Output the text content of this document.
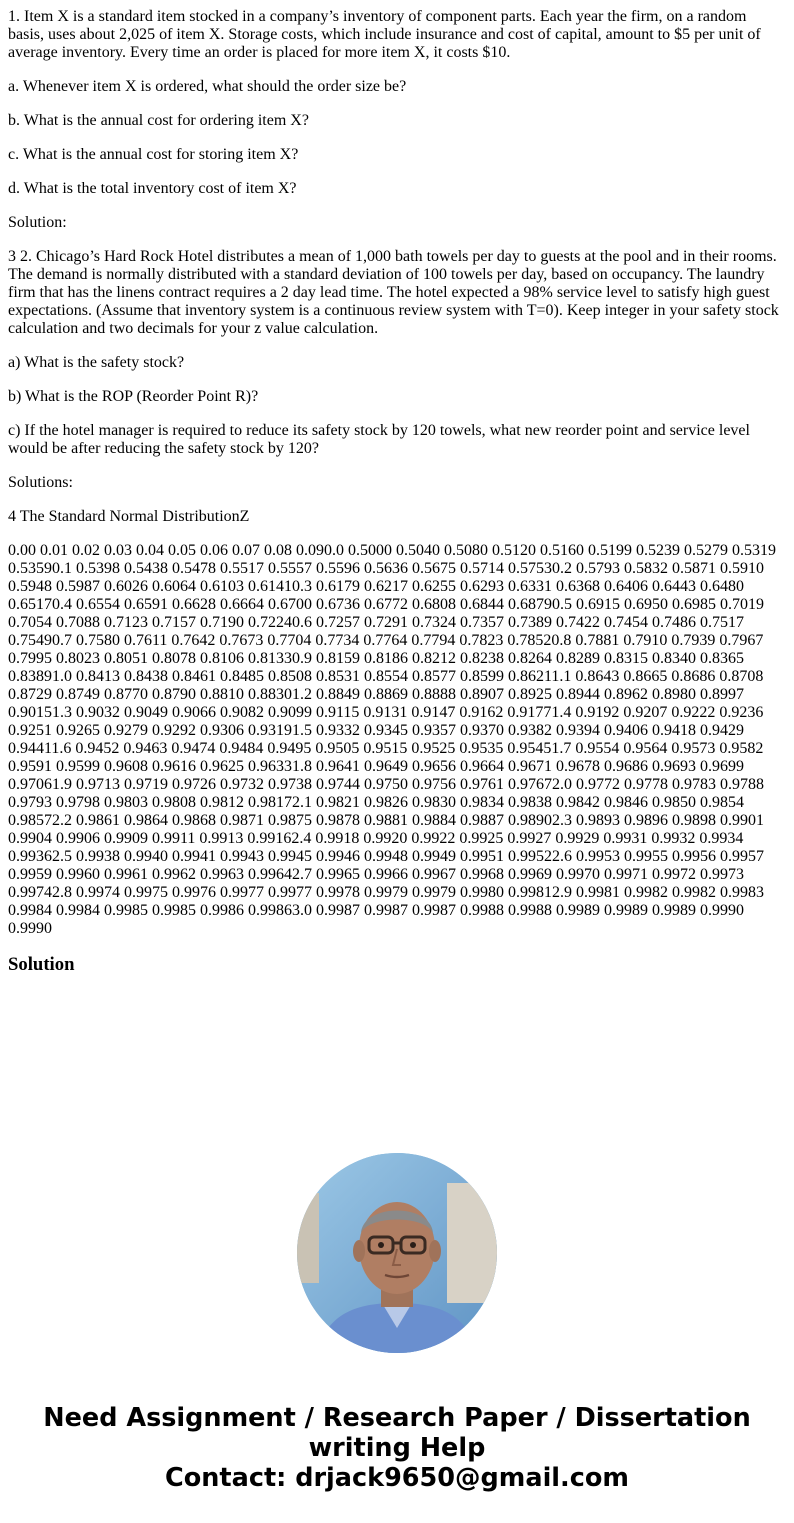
1. Item X is a standard item stocked in a company’s inventory of component parts. Each year the firm, on a random basis, uses about 2,025 of item X. Storage costs, which include insurance and cost of capital, amount to $5 per unit of average inventory. Every time an order is placed for more item X, it costs $10.

a. Whenever item X is ordered, what should the order size be?

b. What is the annual cost for ordering item X?

c. What is the annual cost for storing item X?

d. What is the total inventory cost of item X?

Solution:

3 2. Chicago’s Hard Rock Hotel distributes a mean of 1,000 bath towels per day to guests at the pool and in their rooms. The demand is normally distributed with a standard deviation of 100 towels per day, based on occupancy. The laundry firm that has the linens contract requires a 2 day lead time. The hotel expected a 98% service level to satisfy high guest expectations. (Assume that inventory system is a continuous review system with T=0). Keep integer in your safety stock calculation and two decimals for your z value calculation.

a) What is the safety stock?

b) What is the ROP (Reorder Point R)?

c) If the hotel manager is required to reduce its safety stock by 120 towels, what new reorder point and service level would be after reducing the safety stock by 120?

Solutions:

4 The Standard Normal DistributionZ

0.00 0.01 0.02 0.03 0.04 0.05 0.06 0.07 0.08 0.090.0 0.5000 0.5040 0.5080 0.5120 0.5160 0.5199 0.5239 0.5279 0.5319 0.53590.1 0.5398 0.5438 0.5478 0.5517 0.5557 0.5596 0.5636 0.5675 0.5714 0.57530.2 0.5793 0.5832 0.5871 0.5910 0.5948 0.5987 0.6026 0.6064 0.6103 0.61410.3 0.6179 0.6217 0.6255 0.6293 0.6331 0.6368 0.6406 0.6443 0.6480 0.65170.4 0.6554 0.6591 0.6628 0.6664 0.6700 0.6736 0.6772 0.6808 0.6844 0.68790.5 0.6915 0.6950 0.6985 0.7019 0.7054 0.7088 0.7123 0.7157 0.7190 0.72240.6 0.7257 0.7291 0.7324 0.7357 0.7389 0.7422 0.7454 0.7486 0.7517 0.75490.7 0.7580 0.7611 0.7642 0.7673 0.7704 0.7734 0.7764 0.7794 0.7823 0.78520.8 0.7881 0.7910 0.7939 0.7967 0.7995 0.8023 0.8051 0.8078 0.8106 0.81330.9 0.8159 0.8186 0.8212 0.8238 0.8264 0.8289 0.8315 0.8340 0.8365 0.83891.0 0.8413 0.8438 0.8461 0.8485 0.8508 0.8531 0.8554 0.8577 0.8599 0.86211.1 0.8643 0.8665 0.8686 0.8708 0.8729 0.8749 0.8770 0.8790 0.8810 0.88301.2 0.8849 0.8869 0.8888 0.8907 0.8925 0.8944 0.8962 0.8980 0.8997 0.90151.3 0.9032 0.9049 0.9066 0.9082 0.9099 0.9115 0.9131 0.9147 0.9162 0.91771.4 0.9192 0.9207 0.9222 0.9236 0.9251 0.9265 0.9279 0.9292 0.9306 0.93191.5 0.9332 0.9345 0.9357 0.9370 0.9382 0.9394 0.9406 0.9418 0.9429 0.94411.6 0.9452 0.9463 0.9474 0.9484 0.9495 0.9505 0.9515 0.9525 0.9535 0.95451.7 0.9554 0.9564 0.9573 0.9582 0.9591 0.9599 0.9608 0.9616 0.9625 0.96331.8 0.9641 0.9649 0.9656 0.9664 0.9671 0.9678 0.9686 0.9693 0.9699 0.97061.9 0.9713 0.9719 0.9726 0.9732 0.9738 0.9744 0.9750 0.9756 0.9761 0.97672.0 0.9772 0.9778 0.9783 0.9788 0.9793 0.9798 0.9803 0.9808 0.9812 0.98172.1 0.9821 0.9826 0.9830 0.9834 0.9838 0.9842 0.9846 0.9850 0.9854 0.98572.2 0.9861 0.9864 0.9868 0.9871 0.9875 0.9878 0.9881 0.9884 0.9887 0.98902.3 0.9893 0.9896 0.9898 0.9901 0.9904 0.9906 0.9909 0.9911 0.9913 0.99162.4 0.9918 0.9920 0.9922 0.9925 0.9927 0.9929 0.9931 0.9932 0.9934 0.99362.5 0.9938 0.9940 0.9941 0.9943 0.9945 0.9946 0.9948 0.9949 0.9951 0.99522.6 0.9953 0.9955 0.9956 0.9957 0.9959 0.9960 0.9961 0.9962 0.9963 0.99642.7 0.9965 0.9966 0.9967 0.9968 0.9969 0.9970 0.9971 0.9972 0.9973 0.99742.8 0.9974 0.9975 0.9976 0.9977 0.9977 0.9978 0.9979 0.9979 0.9980 0.99812.9 0.9981 0.9982 0.9982 0.9983 0.9984 0.9984 0.9985 0.9985 0.9986 0.99863.0 0.9987 0.9987 0.9987 0.9988 0.9988 0.9989 0.9989 0.9989 0.9990 0.9990

Solution
Need Assignment / Research Paper / Dissertation
writing Help
Contact: drjack9650@gmail.com
